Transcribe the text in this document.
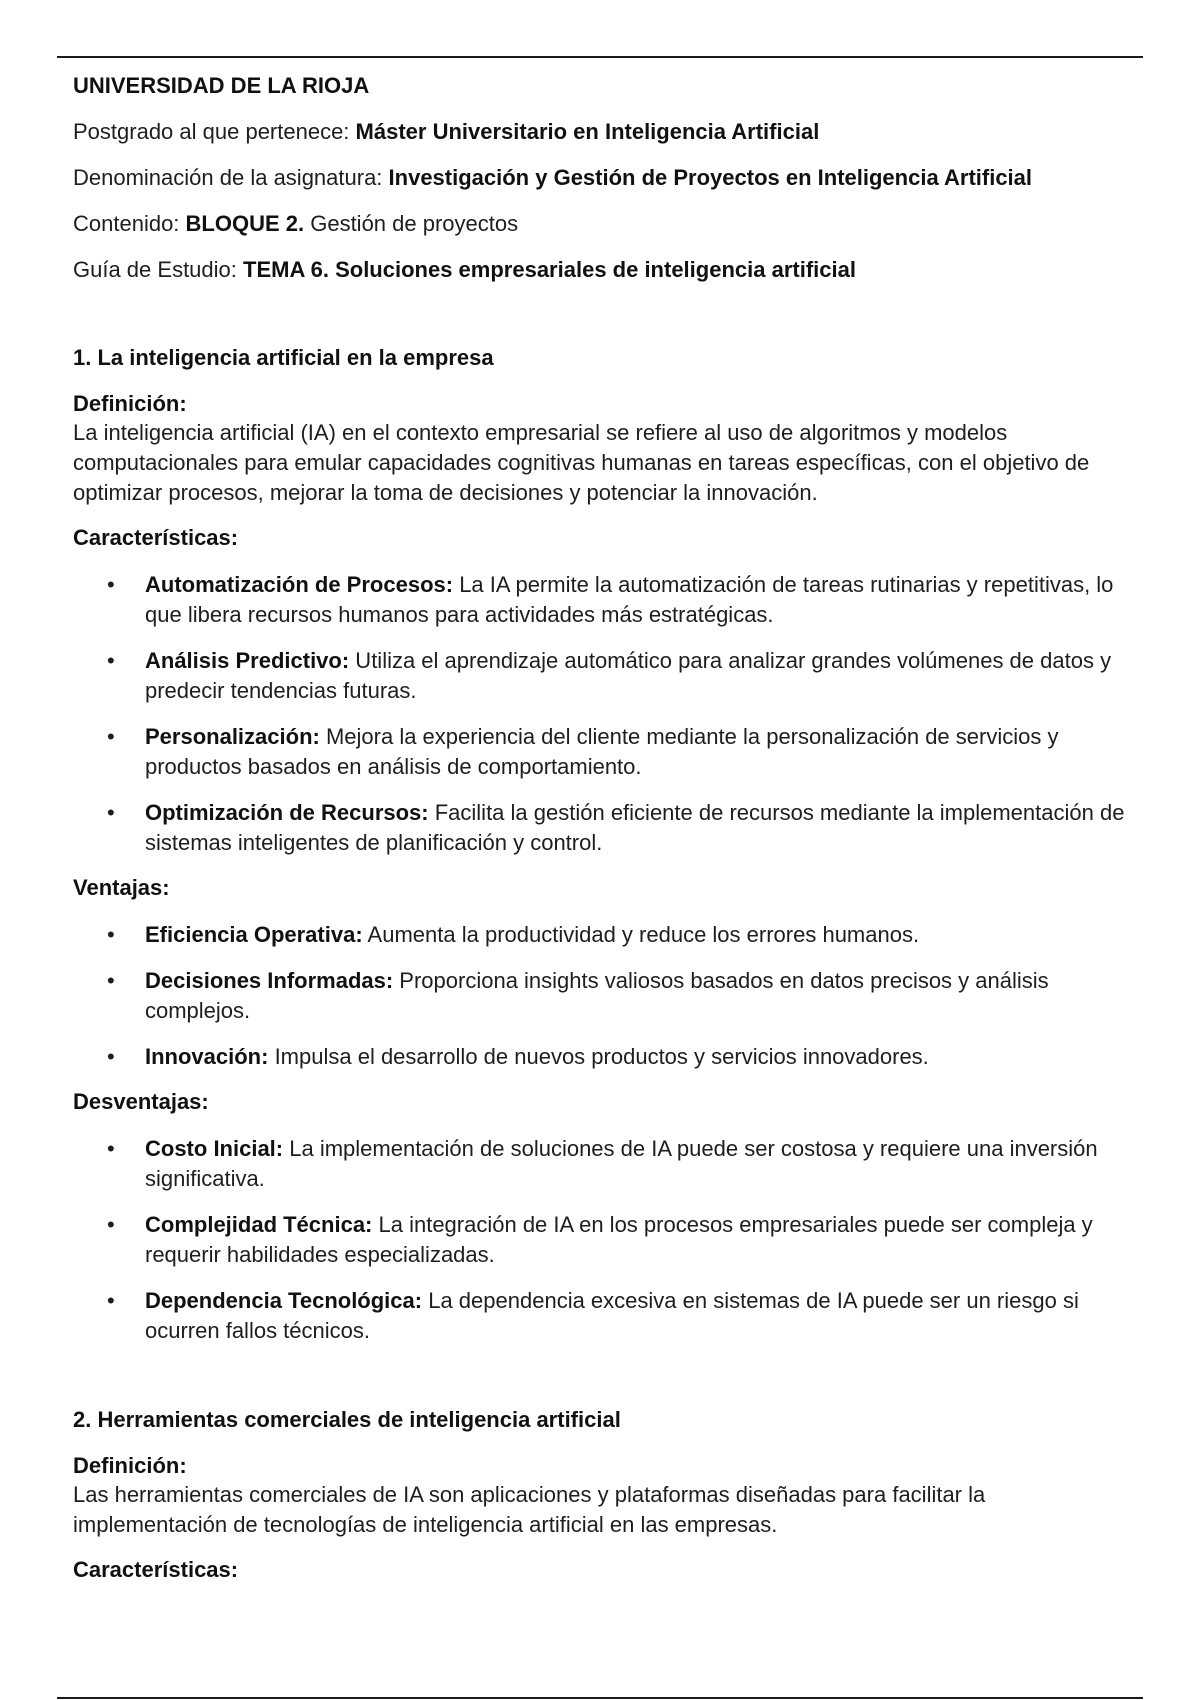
UNIVERSIDAD DE LA RIOJA

Postgrado al que pertenece: Máster Universitario en Inteligencia Artificial

Denominación de la asignatura: Investigación y Gestión de Proyectos en Inteligencia Artificial

Contenido: BLOQUE 2. Gestión de proyectos

Guía de Estudio: TEMA 6. Soluciones empresariales de inteligencia artificial

1. La inteligencia artificial en la empresa

Definición:

La inteligencia artificial (IA) en el contexto empresarial se refiere al uso de algoritmos y modelos computacionales para emular capacidades cognitivas humanas en tareas específicas, con el objetivo de optimizar procesos, mejorar la toma de decisiones y potenciar la innovación.

Características:

• Automatización de Procesos: La IA permite la automatización de tareas rutinarias y repetitivas, lo que libera recursos humanos para actividades más estratégicas.
• Análisis Predictivo: Utiliza el aprendizaje automático para analizar grandes volúmenes de datos y predecir tendencias futuras.
• Personalización: Mejora la experiencia del cliente mediante la personalización de servicios y productos basados en análisis de comportamiento.
• Optimización de Recursos: Facilita la gestión eficiente de recursos mediante la implementación de sistemas inteligentes de planificación y control.

Ventajas:

• Eficiencia Operativa: Aumenta la productividad y reduce los errores humanos.
• Decisiones Informadas: Proporciona insights valiosos basados en datos precisos y análisis complejos.
• Innovación: Impulsa el desarrollo de nuevos productos y servicios innovadores.

Desventajas:

• Costo Inicial: La implementación de soluciones de IA puede ser costosa y requiere una inversión significativa.
• Complejidad Técnica: La integración de IA en los procesos empresariales puede ser compleja y requerir habilidades especializadas.
• Dependencia Tecnológica: La dependencia excesiva en sistemas de IA puede ser un riesgo si ocurren fallos técnicos.

2. Herramientas comerciales de inteligencia artificial

Definición:

Las herramientas comerciales de IA son aplicaciones y plataformas diseñadas para facilitar la implementación de tecnologías de inteligencia artificial en las empresas.

Características:
